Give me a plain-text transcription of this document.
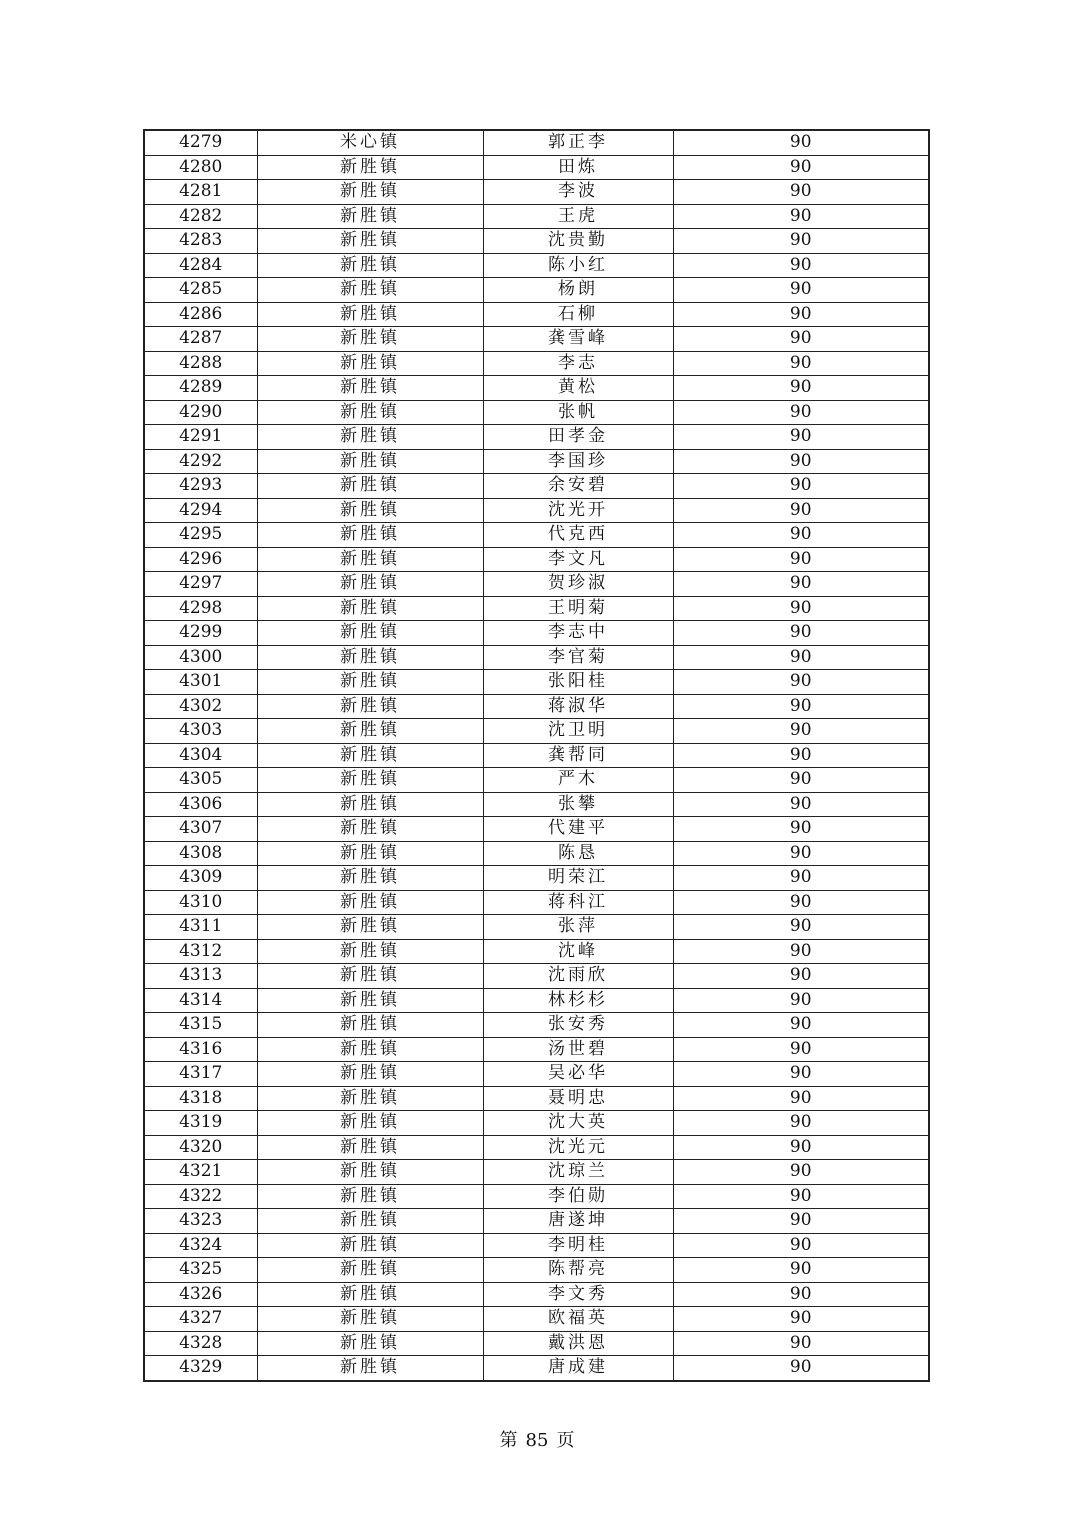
4279	米心镇	郭正李	90
4280	新胜镇	田炼	90
4281	新胜镇	李波	90
4282	新胜镇	王虎	90
4283	新胜镇	沈贵勤	90
4284	新胜镇	陈小红	90
4285	新胜镇	杨朗	90
4286	新胜镇	石柳	90
4287	新胜镇	龚雪峰	90
4288	新胜镇	李志	90
4289	新胜镇	黄松	90
4290	新胜镇	张帆	90
4291	新胜镇	田孝金	90
4292	新胜镇	李国珍	90
4293	新胜镇	余安碧	90
4294	新胜镇	沈光开	90
4295	新胜镇	代克西	90
4296	新胜镇	李文凡	90
4297	新胜镇	贺珍淑	90
4298	新胜镇	王明菊	90
4299	新胜镇	李志中	90
4300	新胜镇	李官菊	90
4301	新胜镇	张阳桂	90
4302	新胜镇	蒋淑华	90
4303	新胜镇	沈卫明	90
4304	新胜镇	龚帮同	90
4305	新胜镇	严木	90
4306	新胜镇	张攀	90
4307	新胜镇	代建平	90
4308	新胜镇	陈恳	90
4309	新胜镇	明荣江	90
4310	新胜镇	蒋科江	90
4311	新胜镇	张萍	90
4312	新胜镇	沈峰	90
4313	新胜镇	沈雨欣	90
4314	新胜镇	林杉杉	90
4315	新胜镇	张安秀	90
4316	新胜镇	汤世碧	90
4317	新胜镇	吴必华	90
4318	新胜镇	聂明忠	90
4319	新胜镇	沈大英	90
4320	新胜镇	沈光元	90
4321	新胜镇	沈琼兰	90
4322	新胜镇	李伯勋	90
4323	新胜镇	唐遂坤	90
4324	新胜镇	李明桂	90
4325	新胜镇	陈帮亮	90
4326	新胜镇	李文秀	90
4327	新胜镇	欧福英	90
4328	新胜镇	戴洪恩	90
4329	新胜镇	唐成建	90
第 85 页
